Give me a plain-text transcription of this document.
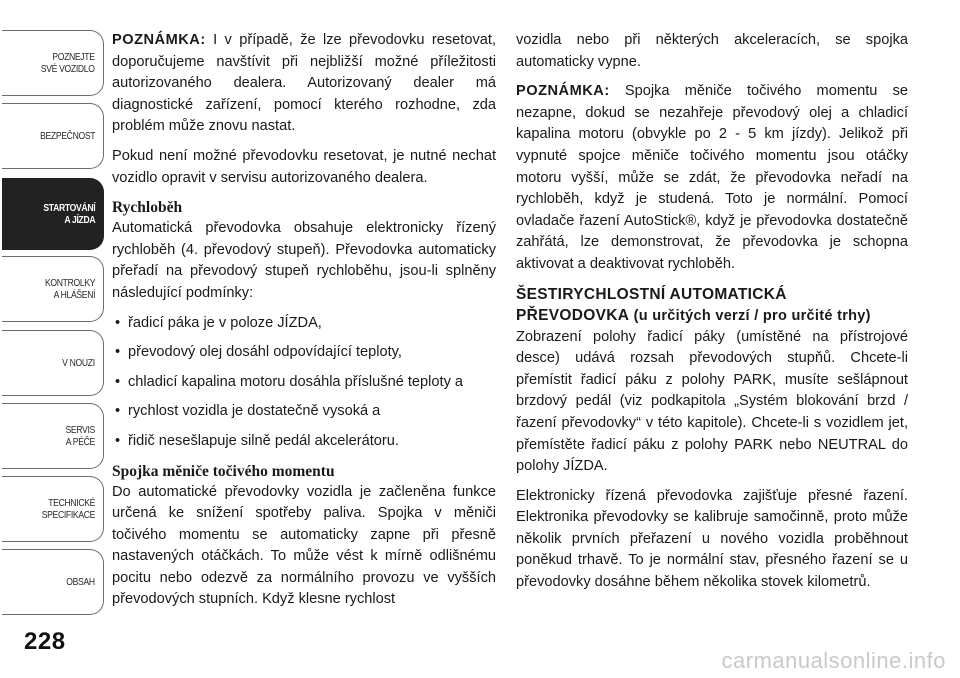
POZNEJTE
SVÉ VOZIDLO
BEZPEČNOST
STARTOVÁNÍ
A JÍZDA
KONTROLKY
A HLÁŠENÍ
V NOUZI
SERVIS
A PÉČE
TECHNICKÉ
SPECIFIKACE
OBSAH
228

POZNÁMKA: I v případě, že lze převodovku resetovat, doporučujeme navštívit při nejbližší možné příležitosti autorizovaného dealera. Autorizovaný dealer má diagnostické zařízení, pomocí kterého rozhodne, zda problém může znovu nastat.

Pokud není možné převodovku resetovat, je nutné nechat vozidlo opravit v servisu autorizovaného dealera.

Rychloběh

Automatická převodovka obsahuje elektronicky řízený rychloběh (4. převodový stupeň). Převodovka automaticky přeřadí na převodový stupeň rychloběhu, jsou-li splněny následující podmínky:

• řadicí páka je v poloze JÍZDA,
• převodový olej dosáhl odpovídající teploty,
• chladicí kapalina motoru dosáhla příslušné teploty a
• rychlost vozidla je dostatečně vysoká a
• řidič nesešlapuje silně pedál akcelerátoru.

Spojka měniče točivého momentu

Do automatické převodovky vozidla je začleněna funkce určená ke snížení spotřeby paliva. Spojka v měniči točivého momentu se automaticky zapne při přesně nastavených otáčkách. To může vést k mírně odlišnému pocitu nebo odezvě za normálního provozu ve vyšších převodových stupních. Když klesne rychlost

vozidla nebo při některých akceleracích, se spojka automaticky vypne.

POZNÁMKA: Spojka měniče točivého momentu se nezapne, dokud se nezahřeje převodový olej a chladicí kapalina motoru (obvykle po 2 - 5 km jízdy). Jelikož při vypnuté spojce měniče točivého momentu jsou otáčky motoru vyšší, může se zdát, že převodovka neřadí na rychloběh, když je studená. Toto je normální. Pomocí ovladače řazení AutoStick®, když je převodovka dostatečně zahřátá, lze demonstrovat, že převodovka je schopna aktivovat a deaktivovat rychloběh.

ŠESTIRYCHLOSTNÍ AUTOMATICKÁ
PŘEVODOVKA (u určitých verzí / pro určité trhy)

Zobrazení polohy řadicí páky (umístěné na přístrojové desce) udává rozsah převodových stupňů. Chcete-li přemístit řadicí páku z polohy PARK, musíte sešlápnout brzdový pedál (viz podkapitola „Systém blokování brzd / řazení převodovky“ v této kapitole). Chcete-li s vozidlem jet, přemístěte řadicí páku z polohy PARK nebo NEUTRAL do polohy JÍZDA.

Elektronicky řízená převodovka zajišťuje přesné řazení. Elektronika převodovky se kalibruje samočinně, proto může několik prvních přeřazení u nového vozidla proběhnout poněkud trhavě. To je normální stav, přesného řazení se u převodovky dosáhne během několika stovek kilometrů.

carmanualsonline.info
